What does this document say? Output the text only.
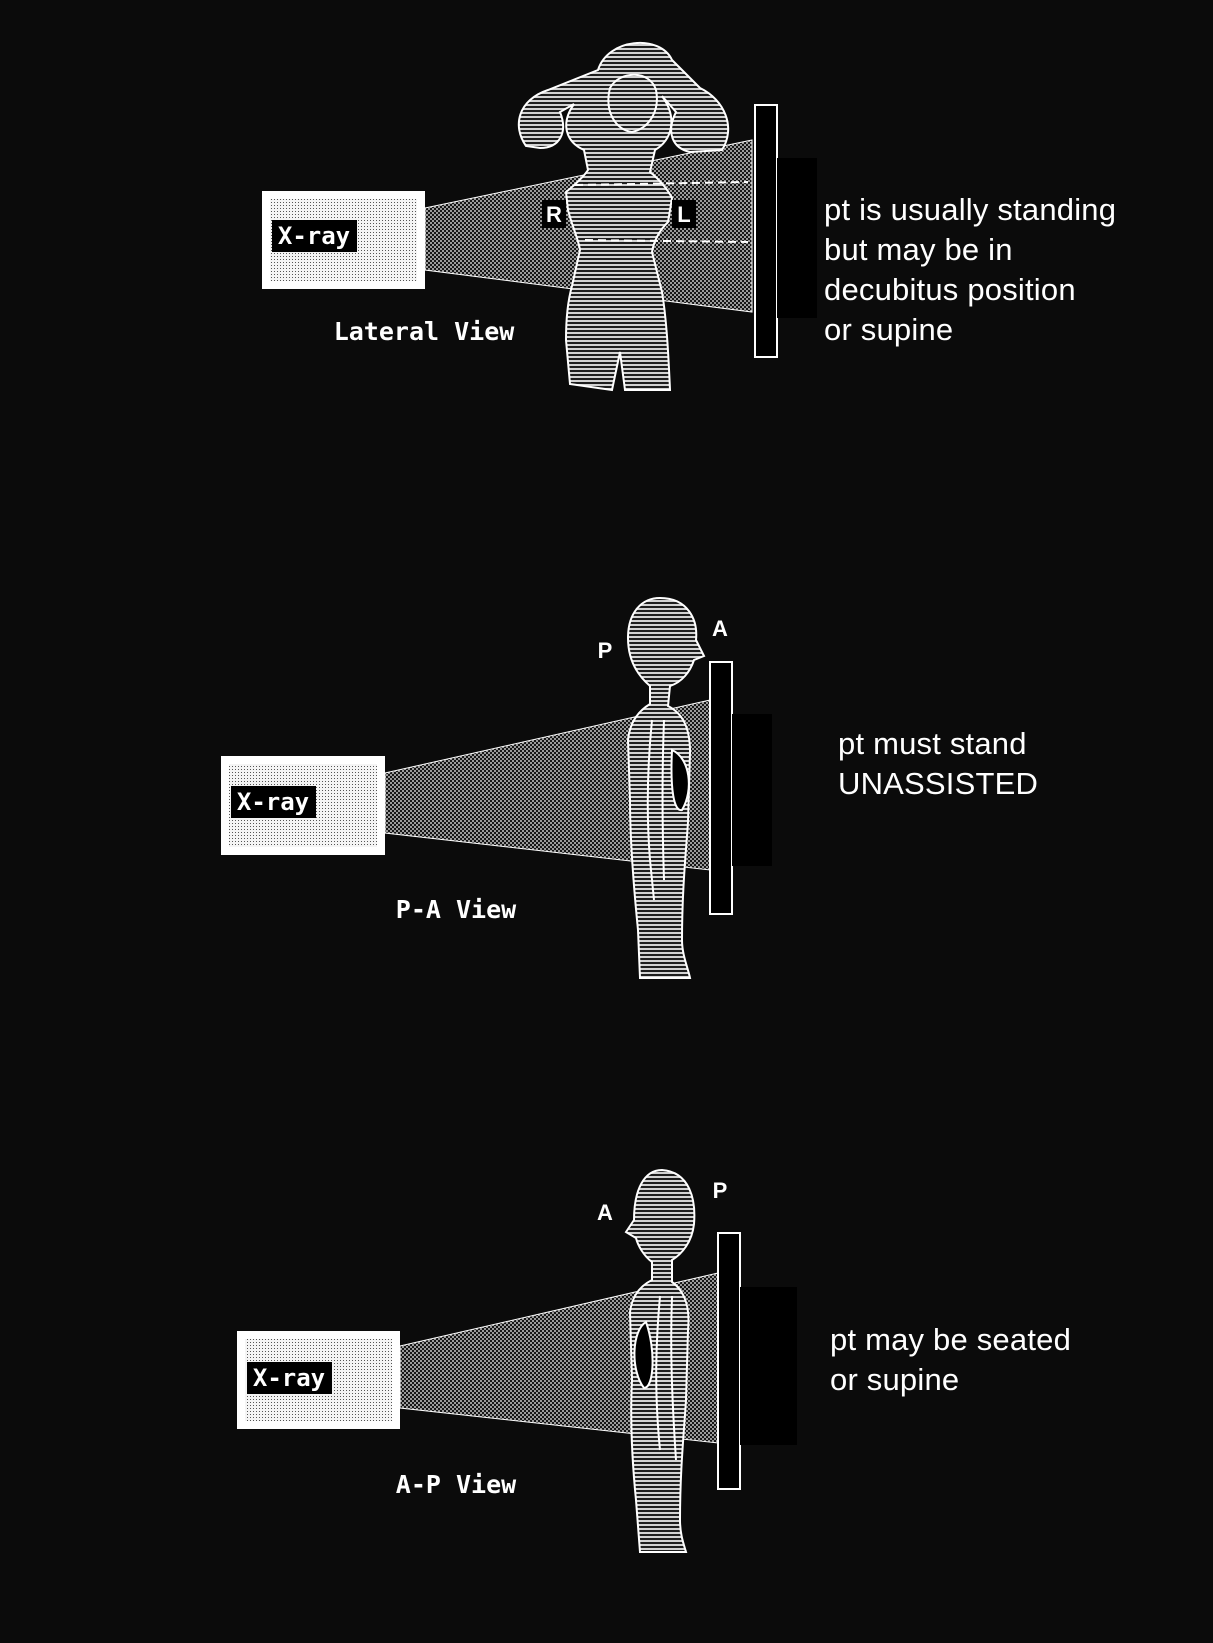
X-ray
R	L
Lateral View
X-ray
P
A
P-A View
X-ray
A
P
A-P View
pt is usually standing
but may be in
decubitus position
or supine
pt must stand
UNASSISTED
pt may be seated
or supine
